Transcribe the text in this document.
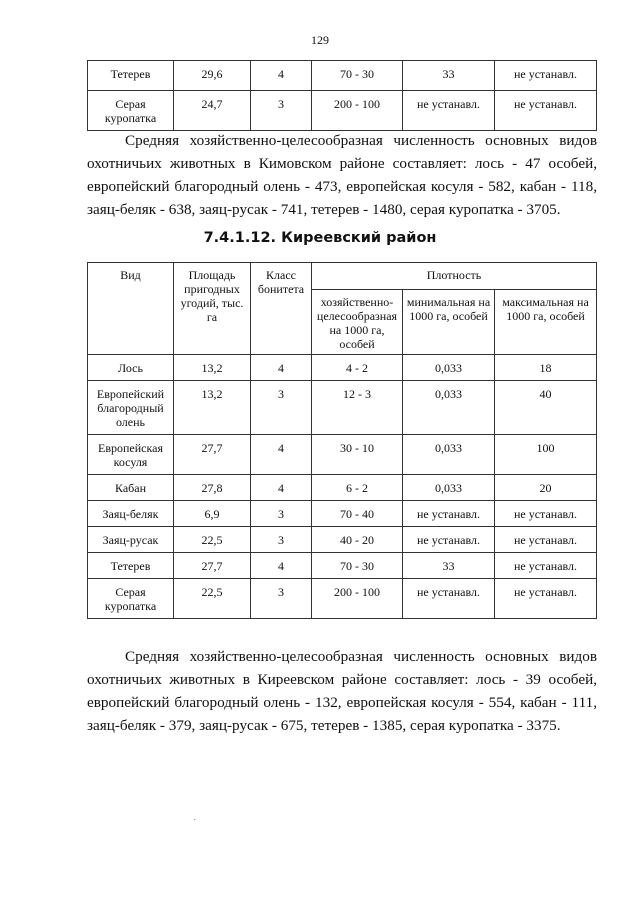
129
Тетерев	29,6	4	70 - 30	33	не устанавл.
Серая куропатка	24,7	3	200 - 100	не устанавл.	не устанавл.

Средняя хозяйственно-целесообразная численность основных видов охотничьих животных в Кимовском районе составляет: лось - 47 особей, европейский благородный олень - 473, европейская косуля - 582, кабан - 118, заяц-беляк - 638, заяц-русак - 741, тетерев - 1480, серая куропатка - 3705.

7.4.1.12. Киреевский район
Вид	Площадь пригодных угодий, тыс. га	Класс бонитета	Плотность		
			хозяйственно-целесообразная на 1000 га, особей	минимальная на 1000 га, особей	максимальная на 1000 га, особей
Лось	13,2	4	4 - 2	0,033	18
Европейский благородный олень	13,2	3	12 - 3	0,033	40
Европейская косуля	27,7	4	30 - 10	0,033	100
Кабан	27,8	4	6 - 2	0,033	20
Заяц-беляк	6,9	3	70 - 40	не устанавл.	не устанавл.
Заяц-русак	22,5	3	40 - 20	не устанавл.	не устанавл.
Тетерев	27,7	4	70 - 30	33	не устанавл.
Серая куропатка	22,5	3	200 - 100	не устанавл.	не устанавл.

Средняя хозяйственно-целесообразная численность основных видов охотничьих животных в Киреевском районе составляет: лось - 39 особей, европейский благородный олень - 132, европейская косуля - 554, кабан - 111, заяц-беляк - 379, заяц-русак - 675, тетерев - 1385, серая куропатка - 3375.

·
